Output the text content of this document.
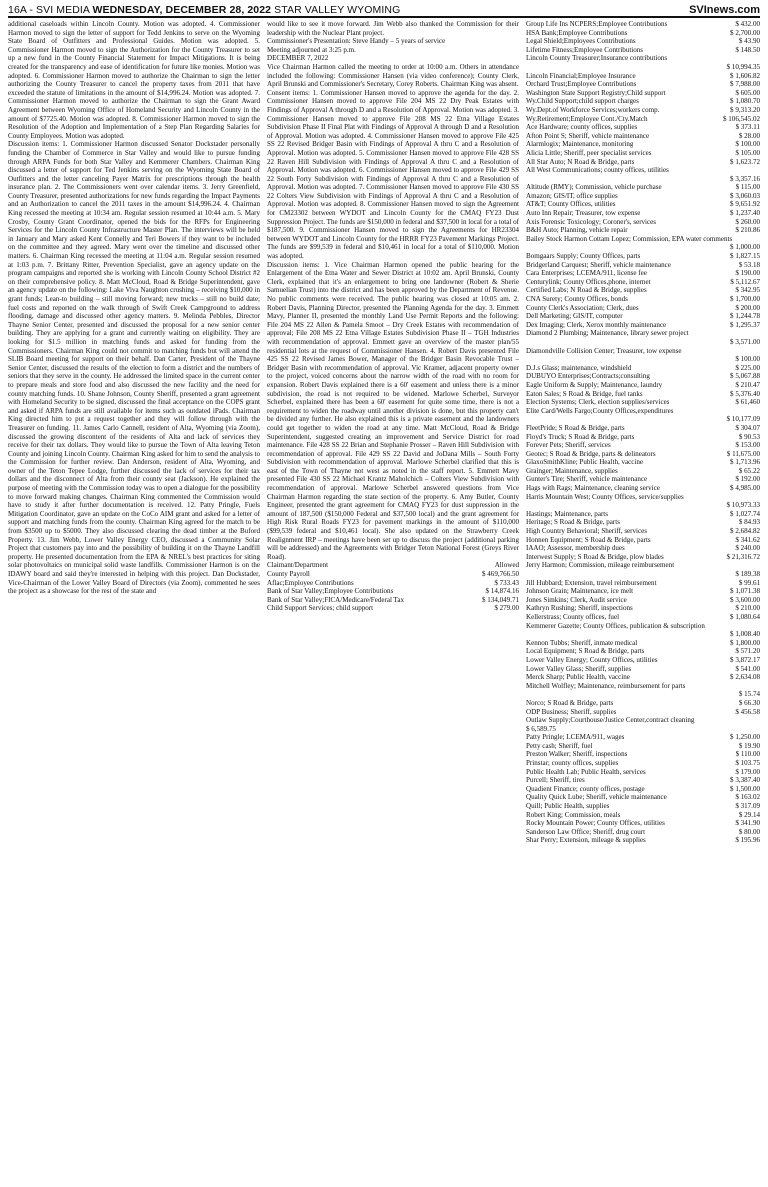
16A - SVI MEDIA WEDNESDAY, DECEMBER 28, 2022 STAR VALLEY WYOMING	SVInews.com

additional caseloads within Lincoln County. Motion was adopted. 4. Commissioner Harmon moved to sign the letter of support for Tedd Jenkins to serve on the Wyoming State Board of Outfitters and Professional Guides. Motion was adopted. 5. Commissioner Harmon moved to sign the Authorization for the County Treasurer to set up a new fund in the County Financial Statement for Impact Mitigations. It is being created for the transparency and ease of identification for future like monies. Motion was adopted. 6. Commissioner Harmon moved to authorize the Chairman to sign the letter authorizing the County Treasurer to cancel the property taxes from 2011 that have exceeded the statute of limitations in the amount of $14,996.24. Motion was adopted. 7. Commissioner Harmon moved to authorize the Chairman to sign the Grant Award Agreement between Wyoming Office of Homeland Security and Lincoln County in the amount of $7725.40. Motion was adopted. 8. Commissioner Harmon moved to sign the Resolution of the Adoption and Implementation of a Step Plan Regarding Salaries for County Employees. Motion was adopted.

Discussion items: 1. Commissioner Harmon discussed Senator Dockstader personally funding the Chamber of Commerce in Star Valley and would like to pursue funding through ARPA Funds for both Star Valley and Kemmerer Chambers. Chairman King discussed a letter of support for Ted Jenkins serving on the Wyoming State Board of Outfitters and the letter canceling Payer Matrix for prescriptions through the health insurance plan. 2. The Commissioners went over calendar items. 3. Jerry Greenfield, County Treasurer, presented authorizations for new funds regarding the Impact Payments and an Authorization to cancel the 2011 taxes in the amount $14,996.24. 4. Chairman King recessed the meeting at 10:34 am. Regular session resumed at 10:44 a.m. 5. Mary Crosby, County Grant Coordinator, opened the bids for the RFPs for Engineering Services for the Lincoln County Infrastructure Master Plan. The interviews will be held in January and Mary asked Kent Connelly and Teri Bowers if they want to be included on the committee and they agreed. Mary went over the timeline and discussed other matters. 6. Chairman King recessed the meeting at 11:04 a.m. Regular session resumed at 1:03 p.m. 7. Brittany Ritter, Prevention Specialist, gave an agency update on the program campaigns and reported she is working with Lincoln County School District #2 on their comprehensive policy. 8. Matt McCloud, Road & Bridge Superintendent, gave an agency update on the following: Lake Viva Naughton crushing – receiving $10,000 in grant funds; Lean-to building – still moving forward; new trucks – still no build date; fuel costs and reported on the walk through of Swift Creek Campground to address flooding, damage and discussed other agency matters. 9. Melinda Pebbles, Director Thayne Senior Center, presented and discussed the proposal for a new senior center building. They are applying for a grant and currently waiting on eligibility. They are looking for $1.5 million in matching funds and asked for funding from the Commissioners. Chairman King could not commit to matching funds but will attend the SLIB Board meeting for support on their behalf. Dan Carter, President of the Thayne Senior Center, discussed the results of the election to form a district and the numbers of seniors that they serve in the county. He addressed the limited space in the current center to prepare meals and store food and also discussed the new facility and the need for county matching funds. 10. Shane Johnson, County Sheriff, presented a grant agreement with Homeland Security to be signed, discussed the final acceptance on the COPS grant and asked if ARPA funds are still available for items such as outdated iPads. Chairman King directed him to put a request together and they will follow through with the Treasurer on funding. 11. James Carlo Cannell, resident of Alta, Wyoming (via Zoom), discussed the growing discontent of the residents of Alta and lack of services they receive for their tax dollars. They would like to pursue the Town of Alta leaving Teton County and joining Lincoln County. Chairman King asked for him to send the analysis to the Commission for further review. Dan Anderson, resident of Alta, Wyoming, and owner of the Teton Tepee Lodge, further discussed the lack of services for their tax dollars and the disconnect of Alta from their county seat (Jackson). He explained the purpose of meeting with the Commission today was to open a dialogue for the possibility to move forward making changes. Chairman King commented the Commission would have to study it after further documentation is received. 12. Patty Pringle, Fuels Mitigation Coordinator, gave an update on the CoCo AIM grant and asked for a letter of support and matching funds from the county. Chairman King agreed for the match to be from $3500 up to $5000. They also discussed clearing the dead timber at the Buford Property. 13. Jim Webb, Lower Valley Energy CEO, discussed a Community Solar Project that customers pay into and the possibility of building it on the Thayne Landfill property. He presented documentation from the EPA & NREL's best practices for siting solar photovoltaics on municipal solid waste landfills. Commissioner Harmon is on the IDAWY board and said they're interested in helping with this project. Dan Dockstader, Vice-Chairman of the Lower Valley Board of Directors (via Zoom), commented he sees the project as a showcase for the rest of the state and

would like to see it move forward. Jim Webb also thanked the Commission for their leadership with the Nuclear Plant project.

Commissioner's Presentation: Steve Handy – 5 years of service

Meeting adjourned at 3:25 p.m.

DECEMBER 7, 2022

Vice Chairman Harmon called the meeting to order at 10:00 a.m. Others in attendance included the following: Commissioner Hansen (via video conference); County Clerk, April Brunski and Commissioner's Secretary, Corey Roberts. Chairman King was absent.

Consent items: 1. Commissioner Hansen moved to approve the agenda for the day. 2. Commissioner Hansen moved to approve File 204 MS 22 Dry Peak Estates with Findings of Approval A through D and a Resolution of Approval. Motion was adopted. 3. Commissioner Hansen moved to approve File 208 MS 22 Etna Village Estates Subdivision Phase II Final Plat with Findings of Approval A through D and a Resolution of Approval. Motion was adopted. 4. Commissioner Hansen moved to approve File 425 SS 22 Revised Bridger Basin with Findings of Approval A thru C and a Resolution of Approval. Motion was adopted. 5. Commissioner Hansen moved to approve File 428 SS 22 Raven Hill Subdivision with Findings of Approval A thru C and a Resolution of Approval. Motion was adopted. 6. Commissioner Hansen moved to approve File 429 SS 22 South Forty Subdivision with Findings of Approval A thru C and a Resolution of Approval. Motion was adopted. 7. Commissioner Hansen moved to approve File 430 SS 22 Colters View Subdivision with Findings of Approval A thru C and a Resolution of Approval. Motion was adopted. 8. Commissioner Hansen moved to sign the Agreement for CM23302 between WYDOT and Lincoln County for the CMAQ FY23 Dust Suppression Project. The funds are $150,000 in federal and $37,500 in local for a total of $187,500. 9. Commissioner Hansen moved to sign the Agreements for HR23304 between WYDOT and Lincoln County for the HRRR FY23 Pavement Markings Project. The funds are $99,539 in federal and $10,461 in local for a total of $110,000. Motion was adopted.

Discussion items: 1. Vice Chairman Harmon opened the public hearing for the Enlargement of the Etna Water and Sewer District at 10:02 am. April Brunski, County Clerk, explained that it's an enlargement to bring one landowner (Robert & Sherie Samuelian Trust) into the district and has been approved by the Department of Revenue. No public comments were received. The public hearing was closed at 10:05 am. 2. Robert Davis, Planning Director, presented the Planning Agenda for the day. 3. Emmett Mavy, Planner II, presented the monthly Land Use Permit Reports and the following: File 204 MS 22 Allen & Pamela Smoot – Dry Creek Estates with recommendation of approval; File 208 MS 22 Etna Village Estates Subdivision Phase II – TGH Industries with recommendation of approval. Emmett gave an overview of the master plan/55 residential lots at the request of Commissioner Hansen. 4. Robert Davis presented File 425 SS 22 Revised James Bower, Manager of the Bridger Basin Revocable Trust – Bridger Basin with recommendation of approval. Vic Kramer, adjacent property owner to the project, voiced concerns about the narrow width of the road with no room for expansion. Robert Davis explained there is a 60' easement and unless there is a minor subdivision, the road is not required to be widened. Marlowe Scherbel, Surveyor Scherbel, explained there has been a 60' easement for quite some time, there is not a requirement to widen the roadway until another division is done, but this property can't be divided any further. He also explained this is a private easement and the landowners could get together to widen the road at any time. Matt McCloud, Road & Bridge Superintendent, suggested creating an improvement and Service District for road maintenance. File 428 SS 22 Brian and Stephanie Prosser – Raven Hill Subdivision with recommendation of approval. File 429 SS 22 David and JoDana Mills – South Forty Subdivision with recommendation of approval. Marlowe Scherbel clarified that this is east of the Town of Thayne not west as noted in the staff report. 5. Emmett Mavy presented File 430 SS 22 Michael Krantz Maholchich – Colters View Subdivision with recommendation of approval. Marlowe Scherbel answered questions from Vice Chairman Harmon regarding the state section of the property. 6. Amy Butler, County Engineer, presented the grant agreement for CMAQ FY23 for dust suppression in the amount of 187,500 ($150,000 Federal and $37,500 local) and the grant agreement for High Risk Rural Roads FY23 for pavement markings in the amount of $110,000 ($99,539 federal and $10,461 local). She also updated on the Strawberry Creek Realignment IRP – meetings have been set up to discuss the project (additional parking will be addressed) and the Agreements with Bridger Teton National Forest (Greys River Road).

Claimant/Department	Allowed
County Payroll	$ 469,766.50
Aflac;Employee Contributions	$ 733.43
Bank of Star Valley;Employee Contributions	$ 14,874.16
Bank of Star Valley;FICA/Medicare/Federal Tax	$ 134,049.71
Child Support Services; child support	$ 279.00
Group Life Ins NCPERS;Employee Contributions	$ 432.00
HSA Bank;Employee Contributions	$ 2,700.00
Legal Shield;Employees Contributions	$ 43.90
Lifetime Fitness;Employee Contributions	$ 148.50
Lincoln County Treasurer;Insurance contributions
$ 10,994.35
Lincoln Financial;Employee Insurance	$ 1,606.82
Orchard Trust;Employee Contributions	$ 7,988.00
Washington State Support Registry;Child support	$ 605.00
Wy.Child Support;child support charges	$ 1,080.70
Wy.Dept.of Workforce Services;workers comp.	$ 9,313.20
Wy.Retirement;Employee Cont./Cty.Match	$ 106,545.02
Ace Hardware; county offices, supplies	$ 373.11
Afton Point S; Sheriff, vehicle maintenance	$ 28.00
Alarmlogix; Maintenance, monitoring	$ 100.00
Alicia Little; Sheriff, peer specialist services	$ 105.00
All Star Auto; N Road & Bridge, parts	$ 1,623.72
All West Communications; county offices, utilities
$ 3,357.16
Altitude (RMY); Commission, vehicle purchase	$ 115.00
Amazon; GIS/IT, office supplies	$ 3,060.03
AT&T; County Offices, utilities	$ 9,651.92
Auto Inn Repair; Treasurer, tow expense	$ 1,237.40
Axis Forensic Toxicology; Coroner's, services	$ 260.00
B&H Auto; Planning, vehicle repair	$ 210.86
Bailey Stock Harmon Cottam Lopez; Commission, EPA water comments
$ 1,000.00
Bomgaars Supply; County Offices, parts	$ 1,827.15
Bridgerland Carquest; Sheriff, vehicle maintenance	$ 53.18
Cara Enterprises; LCEMA/911, license fee	$ 190.00
Centurylink; County Offices,phone, internet	$ 5,112.67
Certified Labs; N Road & Bridge, supplies	$ 342.95
CNA Surety; County Offices, bonds	$ 1,700.00
County Clerk's Association; Clerk, dues	$ 200.00
Dell Marketing; GIS/IT, computer	$ 1,244.78
Dex Imaging; Clerk, Xerox monthly maintenance	$ 1,295.37
Diamond 2 Plumbing; Maintenance, library sewer project
$ 3,571.00
Diamondville Collision Center; Treasurer, tow expense
$ 100.00
D.J.s Glass; maintenance, windshield	$ 225.00
DUBUYO Enterprises;Contracts;consulting	$ 5,067.88
Eagle Uniform & Supply; Maintenance, laundry	$ 210.47
Eaton Sales; S Road & Bridge, fuel tanks	$ 5,376.40
Election Systems; Clerk, election supplies/services	$ 61,460
Elite Card/Wells Fargo;County Offices,expenditures
$ 10,177.09
FleetPride; S Road & Bridge, parts	$ 304.07
Floyd's Truck; S Road & Bridge, parts	$ 90.53
Forever Pets; Sheriff, services	$ 153.00
Geotec; S Road & Bridge, parts & delineators	$ 11,675.00
GlaxoSmithKline; Public Health, vaccine	$ 1,713.96
Grainger; Maintenance, supplies	$ 65.22
Gunter's Tire; Sheriff, vehicle maintenance	$ 192.00
Hags with Rags; Maintenance, cleaning service	$ 4,985.00
Harris Mountain West; County Offices, service/supplies
$ 10,973.33
Hastings; Maintenance, parts	$ 1,027.74
Heritage; S Road & Bridge, parts	$ 84.93
High Country Behavioral; Sheriff, services	$ 2,684.82
Honnen Equipment; S Road & Bridge, parts	$ 341.62
IAAO; Assessor, membership dues	$ 240.00
Interwest Supply; S Road & Bridge, plow blades	$ 21,316.72
Jerry Harmon; Commission, mileage reimbursement
$ 189.38
Jill Hubbard; Extension, travel reimbursement	$ 99.61
Johnson Grain; Maintenance, ice melt	$ 1,071.38
Jones Simkins; Clerk, Audit service	$ 3,600.00
Kathryn Rushing; Sheriff, inspections	$ 210.00
Kellerstrass; County offices, fuel	$ 1,080.64
Kemmerer Gazette; County Offices, publication & subscription
$ 1,008.40
Kennon Tubbs; Sheriff, inmate medical	$ 1,800.00
Local Equipment; S Road & Bridge, parts	$ 571.20
Lower Valley Energy; County Offices, utilities	$ 3,872.17
Lower Valley Glass; Sheriff, supplies	$ 541.00
Merck Sharp; Public Health, vaccine	$ 2,634.08
Mitchell Wolfley; Maintenance, reimbursement for parts
$ 15.74
Norco; S Road & Bridge, parts	$ 66.30
ODP Business; Sheriff, supplies	$ 456.58
Outlaw Supply;Courthouse/Justice Center,contract cleaning
$ 6,589.75
Patty Pringle; LCEMA/911, wages	$ 1,250.00
Petty cash; Sheriff, fuel	$ 19.90
Preston Walker; Sheriff, inspections	$ 110.00
Prinstar; county offices, supplies	$ 103.75
Public Health Lab; Public Health, services	$ 179.00
Purcell; Sheriff, tires	$ 3,387.40
Quadient Finance; county offices, postage	$ 1,500.00
Quality Quick Lube; Sheriff, vehicle maintenance	$ 163.02
Quill; Public Health, supplies	$ 317.09
Robert King; Commission, meals	$ 29.14
Rocky Mountain Power; County Offices, utilities	$ 341.90
Sanderson Law Office; Sheriff, drug court	$ 80.00
Shar Perry; Extension, mileage & supplies	$ 195.96
